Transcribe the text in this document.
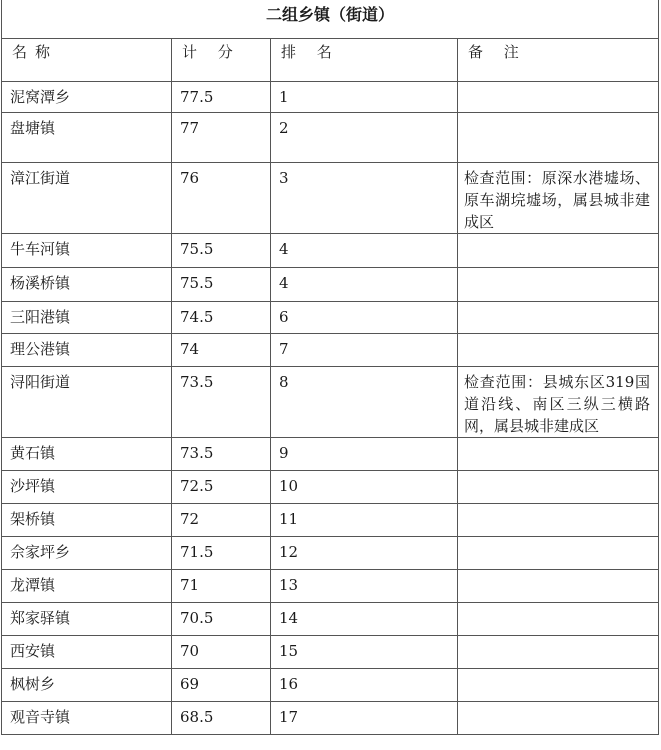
二组乡镇（街道）			

名称	计 分	排 名	备 注

泥窝潭乡	77.5	1	

盘塘镇	77	2	

漳江街道	76	3	检查范围：原深水港墟场、原车湖垸墟场，属县城非建成区

牛车河镇	75.5	4	

杨溪桥镇	75.5	4	

三阳港镇	74.5	6	

理公港镇	74	7	

浔阳街道	73.5	8	检查范围：县城东区319国道沿线、南区三纵三横路网，属县城非建成区

黄石镇	73.5	9	

沙坪镇	72.5	10	

架桥镇	72	11	

佘家坪乡	71.5	12	

龙潭镇	71	13	

郑家驿镇	70.5	14	

西安镇	70	15	

枫树乡	69	16	

观音寺镇	68.5	17	
